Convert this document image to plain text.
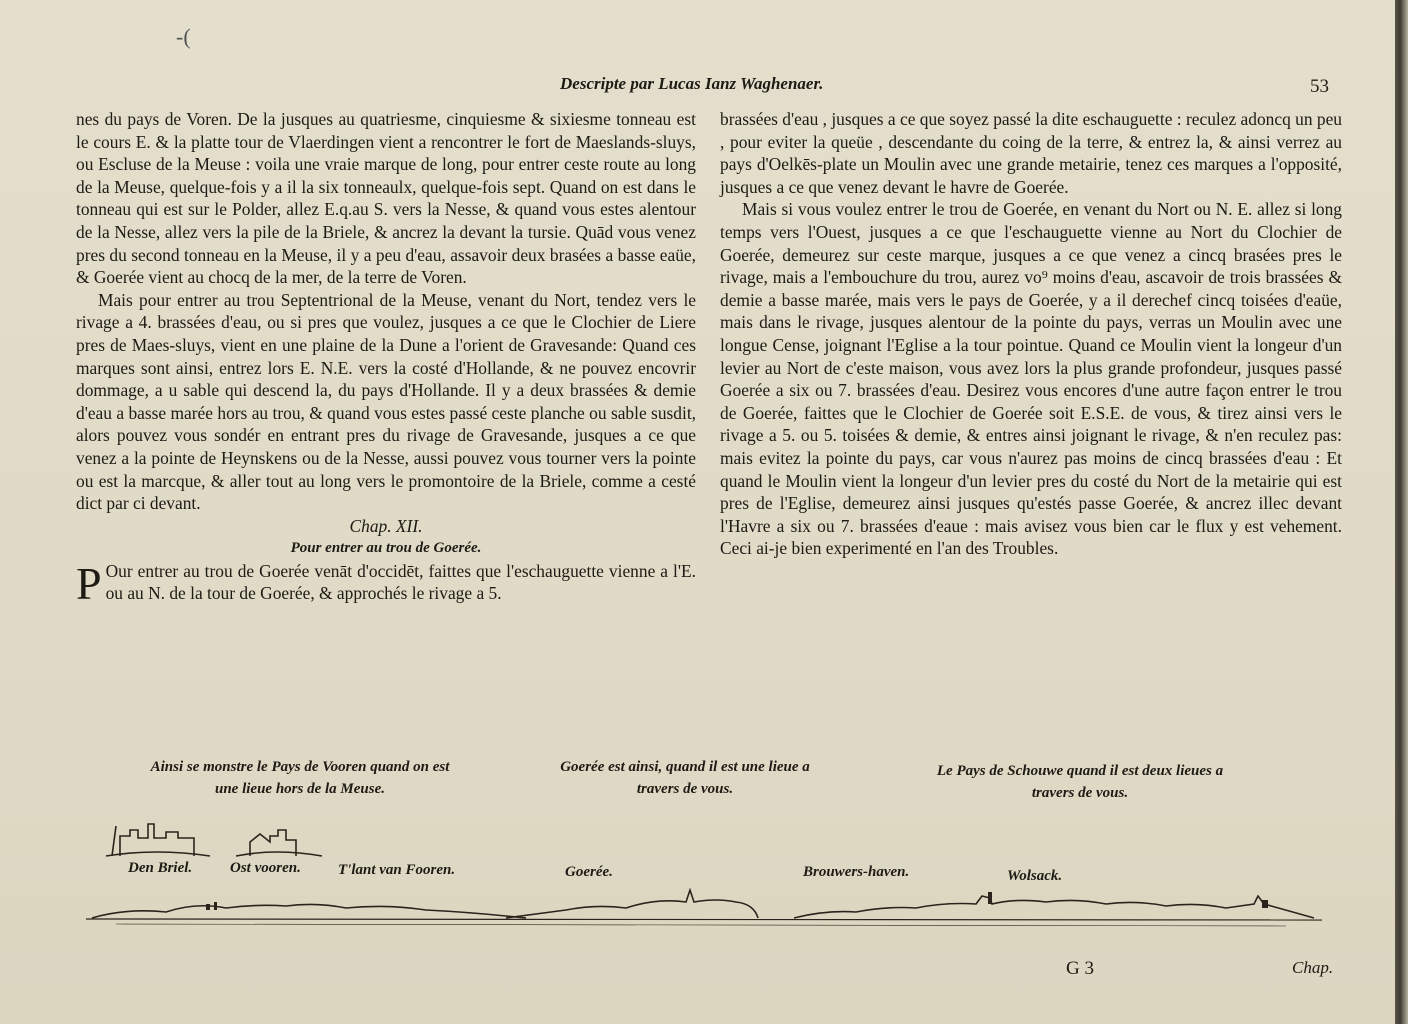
-(
Descripte par Lucas Ianz Waghenaer.	53

nes du pays de Voren. De la jusques au quatriesme, cinquiesme & sixiesme tonneau est le cours E. & la platte tour de Vlaerdingen vient a rencontrer le fort de Maeslands-sluys, ou Escluse de la Meuse : voila une vraie marque de long, pour entrer ceste route au long de la Meuse, quelque-fois y a il la six tonneaulx, quelque-fois sept. Quand on est dans le tonneau qui est sur le Polder, allez E.q.au S. vers la Nesse, & quand vous estes alentour de la Nesse, allez vers la pile de la Briele, & ancrez la devant la tursie. Quād vous venez pres du second tonneau en la Meuse, il y a peu d'eau, assavoir deux brasées a basse eaüe, & Goerée vient au chocq de la mer, de la terre de Voren.

Mais pour entrer au trou Septentrional de la Meuse, venant du Nort, tendez vers le rivage a 4. brassées d'eau, ou si pres que voulez, jusques a ce que le Clochier de Liere pres de Maes-sluys, vient en une plaine de la Dune a l'orient de Gravesande: Quand ces marques sont ainsi, entrez lors E. N.E. vers la costé d'Hollande, & ne pouvez encovrir dommage, a u sable qui descend la, du pays d'Hollande. Il y a deux brassées & demie d'eau a basse marée hors au trou, & quand vous estes passé ceste planche ou sable susdit, alors pouvez vous sondér en entrant pres du rivage de Gravesande, jusques a ce que venez a la pointe de Heynskens ou de la Nesse, aussi pouvez vous tourner vers la pointe ou est la marcque, & aller tout au long vers le promontoire de la Briele, comme a cesté dict par ci devant.

Chap. XII.

Pour entrer au trou de Goerée.

P Our entrer au trou de Goerée venāt d'occidēt, faittes que l'eschauguette vienne a l'E. ou au N. de la tour de Goerée, & approchés le rivage a 5.

brassées d'eau , jusques a ce que soyez passé la dite eschauguette : reculez adoncq un peu , pour eviter la queüe , descendante du coing de la terre, & entrez la, & ainsi verrez au pays d'Oelkēs-plate un Moulin avec une grande metairie, tenez ces marques a l'opposité, jusques a ce que venez devant le havre de Goerée.

Mais si vous voulez entrer le trou de Goerée, en venant du Nort ou N. E. allez si long temps vers l'Ouest, jusques a ce que l'eschauguette vienne au Nort du Clochier de Goerée, demeurez sur ceste marque, jusques a ce que venez a cincq brasées pres le rivage, mais a l'embouchure du trou, aurez vo⁹ moins d'eau, ascavoir de trois brassées & demie a basse marée, mais vers le pays de Goerée, y a il derechef cincq toisées d'eaüe, mais dans le rivage, jusques alentour de la pointe du pays, verras un Moulin avec une longue Cense, joignant l'Eglise a la tour pointue. Quand ce Moulin vient la longeur d'un levier au Nort de c'este maison, vous avez lors la plus grande profondeur, jusques passé Goerée a six ou 7. brassées d'eau. Desirez vous encores d'une autre façon entrer le trou de Goerée, faittes que le Clochier de Goerée soit E.S.E. de vous, & tirez ainsi vers le rivage a 5. ou 5. toisées & demie, & entres ainsi joignant le rivage, & n'en reculez pas: mais evitez la pointe du pays, car vous n'aurez pas moins de cincq brassées d'eau : Et quand le Moulin vient la longeur d'un levier pres du costé du Nort de la metairie qui est pres de l'Eglise, demeurez ainsi jusques qu'estés passe Goerée, & ancrez illec devant l'Havre a six ou 7. brassées d'eaue : mais avisez vous bien car le flux y est vehement. Ceci ai-je bien experimenté en l'an des Troubles.

Ainsi se monstre le Pays de Vooren quand on est une lieue hors de la Meuse.
Goerée est ainsi, quand il est une lieue a travers de vous.
Le Pays de Schouwe quand il est deux lieues a travers de vous.
Den Briel.	Ost vooren. T'lant van Fooren.	Goerée.	Brouwers-haven.	Wolsack.
G 3	Chap.
